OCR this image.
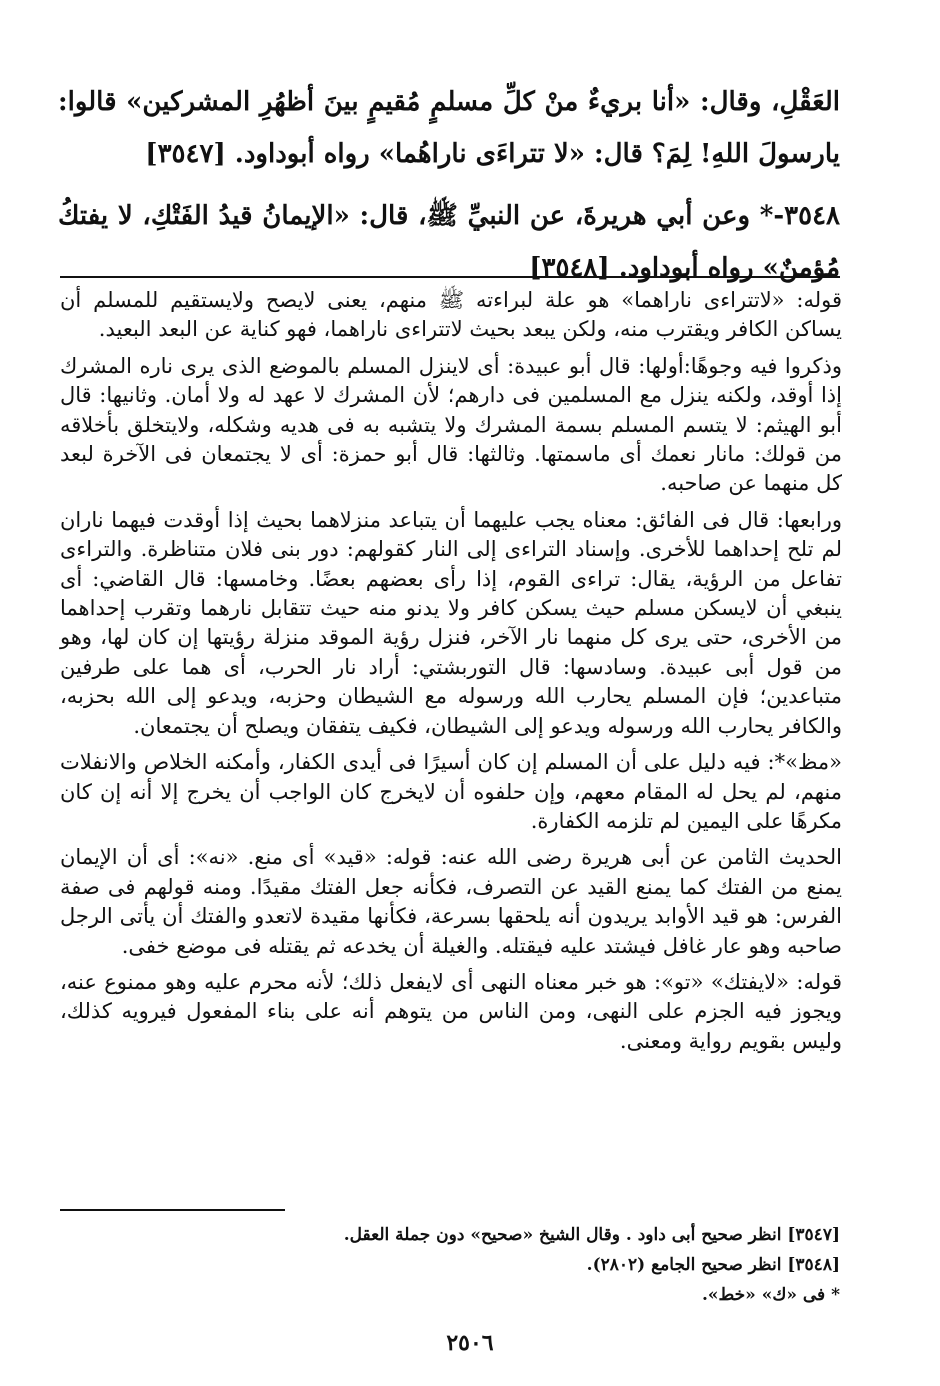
العَقْلِ، وقال: «أنا بريءٌ منْ كلِّ مسلمٍ مُقيمٍ بينَ أظهُرِ المشركين» قالوا: يارسولَ اللهِ! لِمَ؟ قال: «لا تتراءَى ناراهُما» رواه أبوداود. [٣٥٤٧]

٣٥٤٨-* وعن أبي هريرةَ، عن النبيِّ ﷺ، قال: «الإيمانُ قيدُ الفَتْكِ، لا يفتكُ مُؤمنٌ» رواه أبوداود. [٣٥٤٨]

قوله: «لاتتراءى ناراهما» هو علة لبراءته ﷺ منهم، يعنى لايصح ولايستقيم للمسلم أن يساكن الكافر ويقترب منه، ولكن يبعد بحيث لاتتراءى ناراهما، فهو كناية عن البعد البعيد.

وذكروا فيه وجوهًا:أولها: قال أبو عبيدة: أى لاينزل المسلم بالموضع الذى يرى ناره المشرك إذا أوقد، ولكنه ينزل مع المسلمين فى دارهم؛ لأن المشرك لا عهد له ولا أمان. وثانيها: قال أبو الهيثم: لا يتسم المسلم بسمة المشرك ولا يتشبه به فى هديه وشكله، ولايتخلق بأخلاقه من قولك: مانار نعمك أى ماسمتها. وثالثها: قال أبو حمزة: أى لا يجتمعان فى الآخرة لبعد كل منهما عن صاحبه.

ورابعها: قال فى الفائق: معناه يجب عليهما أن يتباعد منزلاهما بحيث إذا أوقدت فيهما ناران لم تلح إحداهما للأخرى. وإسناد التراءى إلى النار كقولهم: دور بنى فلان متناظرة. والتراءى تفاعل من الرؤية، يقال: تراءى القوم، إذا رأى بعضهم بعضًا. وخامسها: قال القاضي: أى ينبغي أن لايسكن مسلم حيث يسكن كافر ولا يدنو منه حيث تتقابل نارهما وتقرب إحداهما من الأخرى، حتى يرى كل منهما نار الآخر، فنزل رؤية الموقد منزلة رؤيتها إن كان لها، وهو من قول أبى عبيدة. وسادسها: قال التوربشتي: أراد نار الحرب، أى هما على طرفين متباعدين؛ فإن المسلم يحارب الله ورسوله مع الشيطان وحزبه، ويدعو إلى الله بحزبه، والكافر يحارب الله ورسوله ويدعو إلى الشيطان، فكيف يتفقان ويصلح أن يجتمعان.

«مظ»*: فيه دليل على أن المسلم إن كان أسيرًا فى أيدى الكفار، وأمكنه الخلاص والانفلات منهم، لم يحل له المقام معهم، وإن حلفوه أن لايخرج كان الواجب أن يخرج إلا أنه إن كان مكرهًا على اليمين لم تلزمه الكفارة.

الحديث الثامن عن أبى هريرة رضى الله عنه: قوله: «قيد» أى منع. «نه»: أى أن الإيمان يمنع من الفتك كما يمنع القيد عن التصرف، فكأنه جعل الفتك مقيدًا. ومنه قولهم فى صفة الفرس: هو قيد الأوابد يريدون أنه يلحقها بسرعة، فكأنها مقيدة لاتعدو والفتك أن يأتى الرجل صاحبه وهو عار غافل فيشتد عليه فيقتله. والغيلة أن يخدعه ثم يقتله فى موضع خفى.

قوله: «لايفتك» «تو»: هو خبر معناه النهى أى لايفعل ذلك؛ لأنه محرم عليه وهو ممنوع عنه، ويجوز فيه الجزم على النهى، ومن الناس من يتوهم أنه على بناء المفعول فيرويه كذلك، وليس بقويم رواية ومعنى.

[٣٥٤٧] انظر صحيح أبى داود . وقال الشيخ «صحيح» دون جملة العقل.

[٣٥٤٨] انظر صحيح الجامع (٢٨٠٢).

* فى «ك» «خط».

٢٥٠٦
